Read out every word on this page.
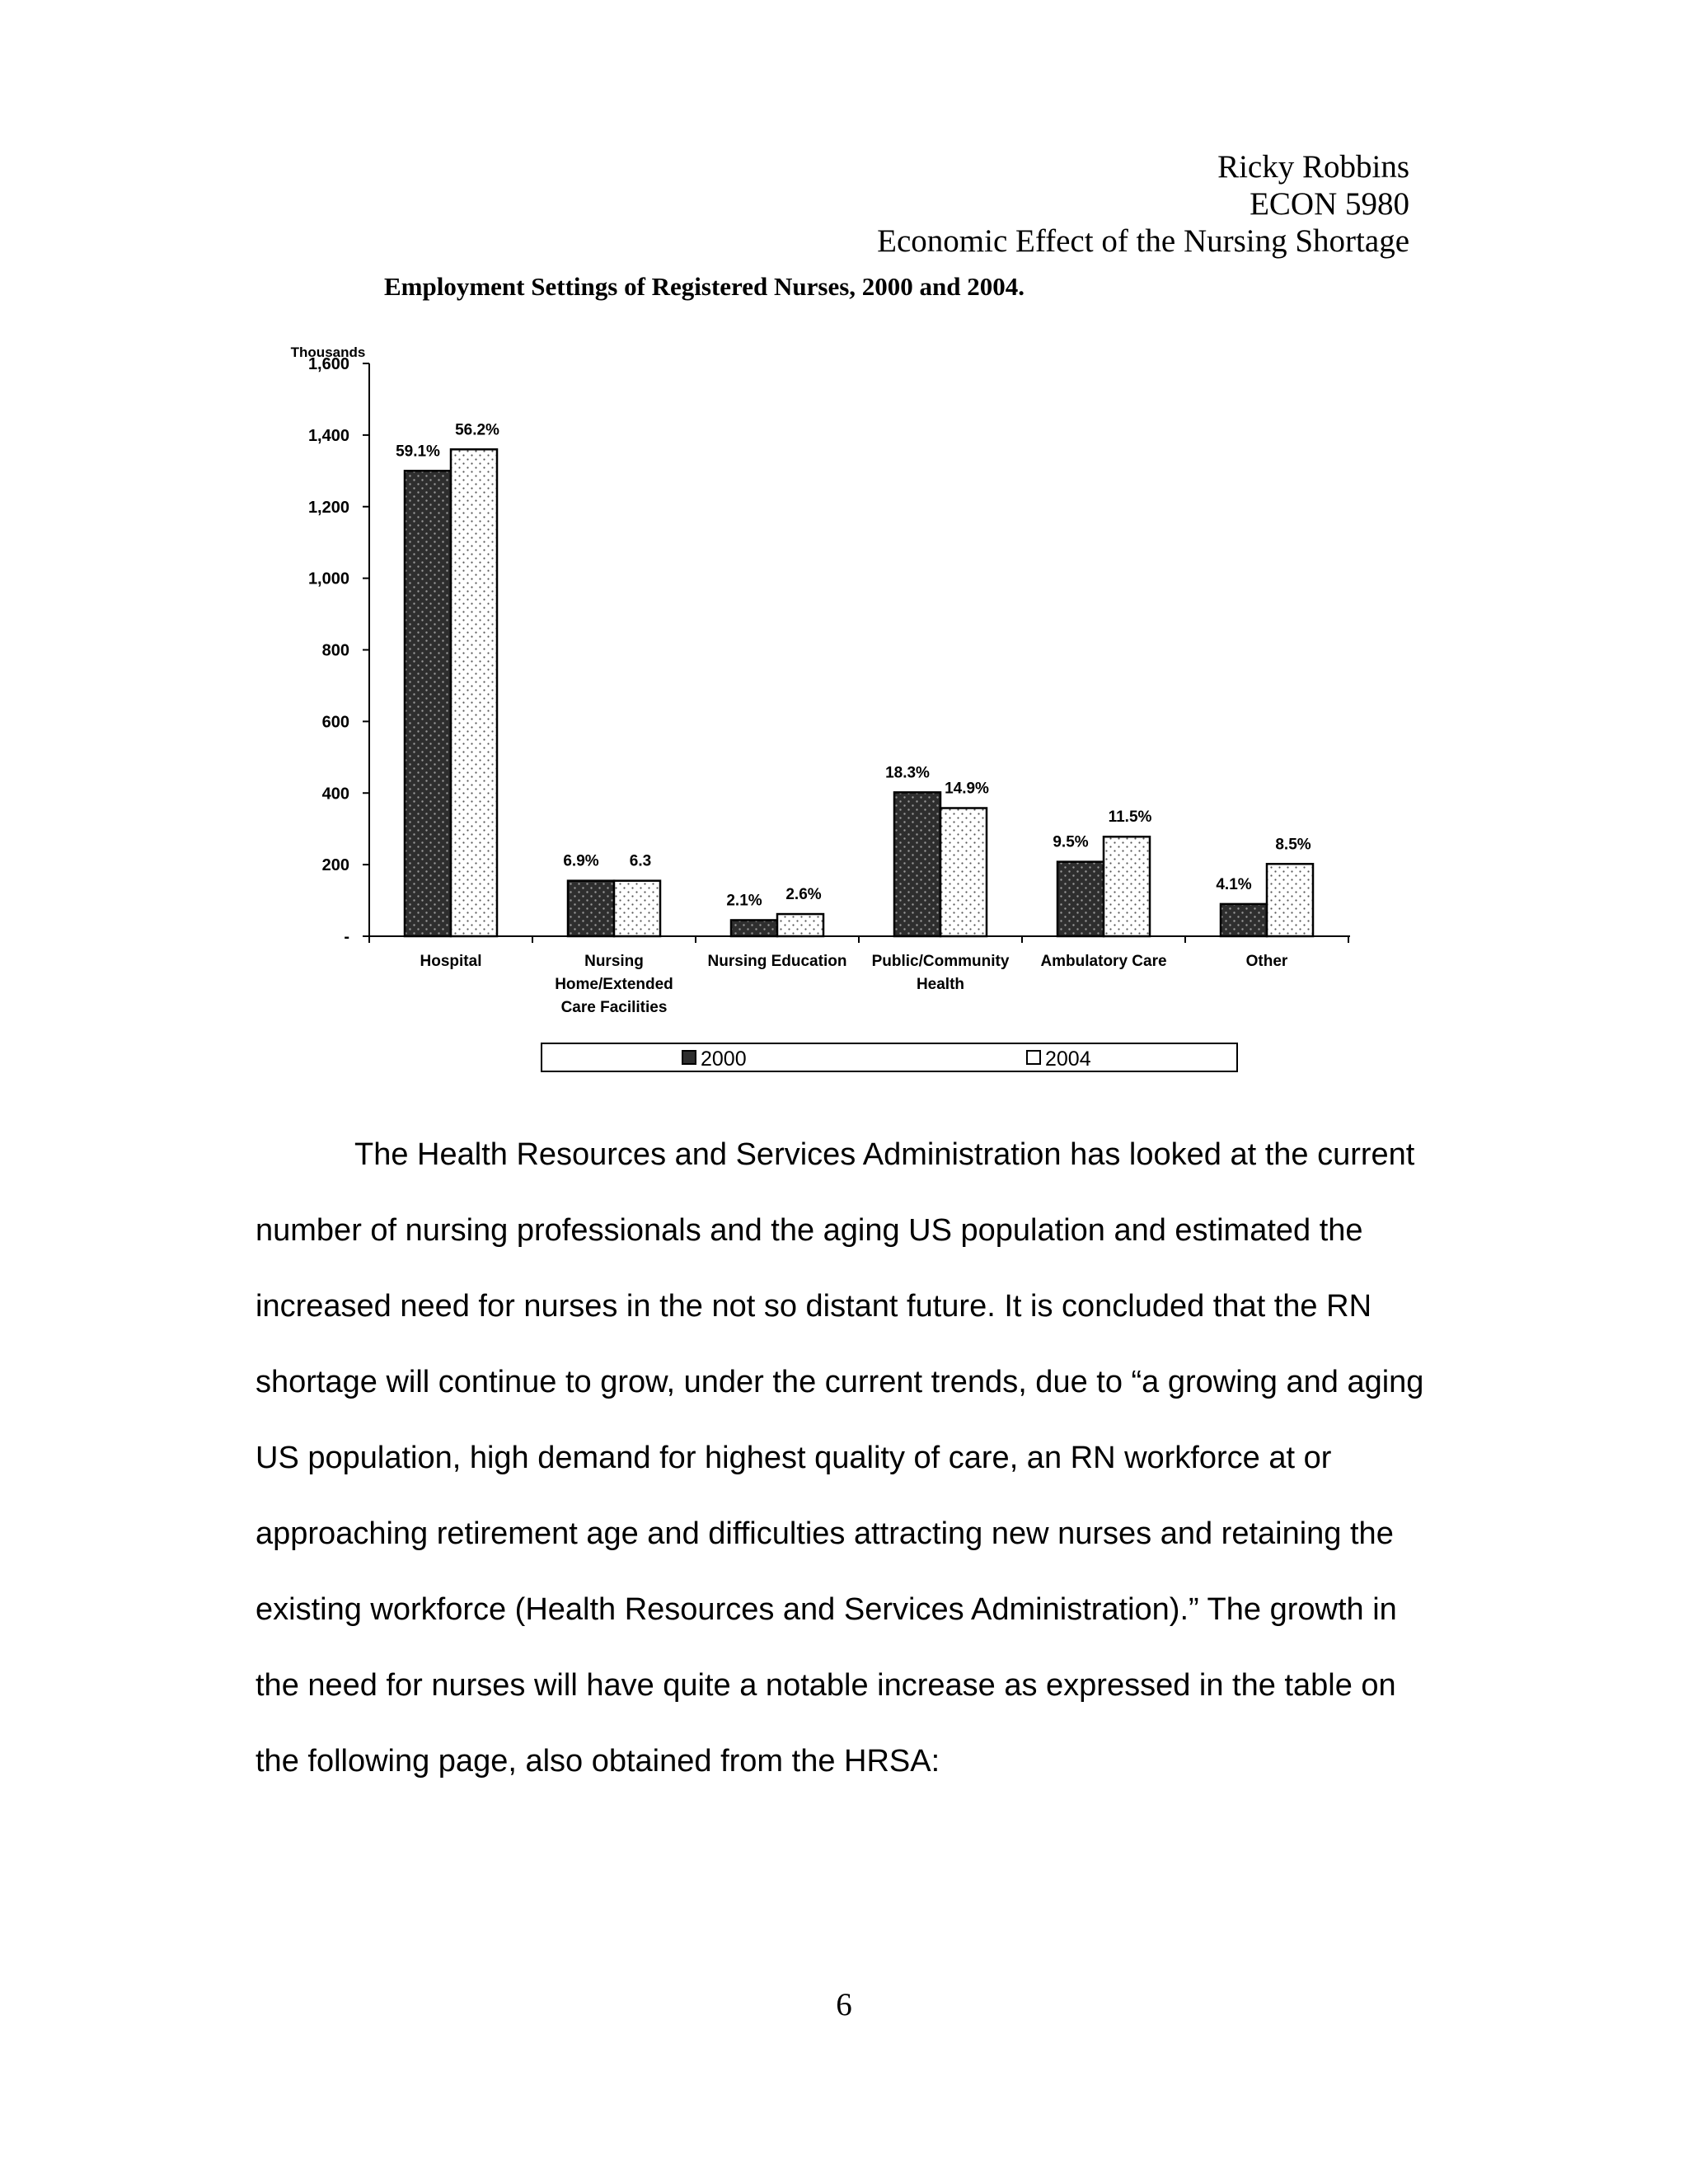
Ricky Robbins
ECON 5980
Economic Effect of the Nursing Shortage
Employment Settings of Registered Nurses, 2000 and 2004.
-
200
400
600
800
1,000
1,200
1,400
1,600
Thousands
Hospital	Nursing
Home/Extended
Care Facilities
Nursing Education Public/Community
Health
Ambulatory Care	Other
59.1%
56.2%
6.9% 6.3
2.1% 2.6%
18.3%
14.9%
9.5%
11.5%
4.1%
8.5%
2000	2004

The Health Resources and Services Administration has looked at the current number of nursing professionals and the aging US population and estimated the increased need for nurses in the not so distant future. It is concluded that the RN shortage will continue to grow, under the current trends, due to “a growing and aging US population, high demand for highest quality of care, an RN workforce at or approaching retirement age and difficulties attracting new nurses and retaining the existing workforce (Health Resources and Services Administration).” The growth in the need for nurses will have quite a notable increase as expressed in the table on the following page, also obtained from the HRSA:

6
